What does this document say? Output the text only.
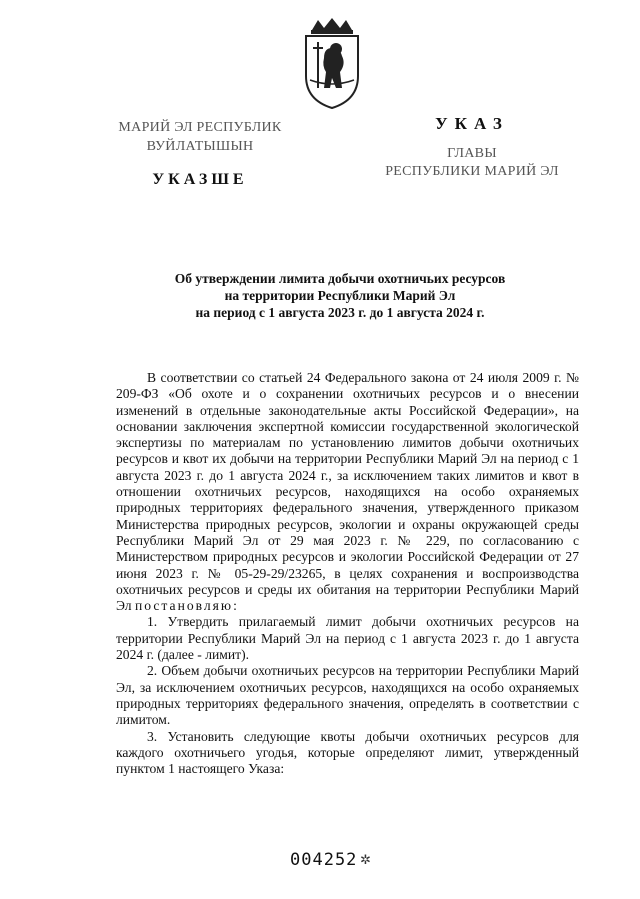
МАРИЙ ЭЛ РЕСПУБЛИК
ВУЙЛАТЫШЫН
УКАЗШЕ
УКАЗ
ГЛАВЫ
РЕСПУБЛИКИ МАРИЙ ЭЛ
Об утверждении лимита добычи охотничьих ресурсов
на территории Республики Марий Эл
на период с 1 августа 2023 г. до 1 августа 2024 г.

В соответствии со статьей 24 Федерального закона от 24 июля 2009 г. № 209-ФЗ «Об охоте и о сохранении охотничьих ресурсов и о внесении изменений в отдельные законодательные акты Российской Федерации», на основании заключения экспертной комиссии государственной экологической экспертизы по материалам по установлению лимитов добычи охотничьих ресурсов и квот их добычи на территории Республики Марий Эл на период с 1 августа 2023 г. до 1 августа 2024 г., за исключением таких лимитов и квот в отношении охотничьих ресурсов, находящихся на особо охраняемых природных территориях федерального значения, утвержденного приказом Министерства природных ресурсов, экологии и охраны окружающей среды Республики Марий Эл от 29 мая 2023 г. № 229, по согласованию с Министерством природных ресурсов и экологии Российской Федерации от 27 июня 2023 г. № 05-29-29/23265, в целях сохранения и воспроизводства охотничьих ресурсов и среды их обитания на территории Республики Марий Эл постановляю:

1. Утвердить прилагаемый лимит добычи охотничьих ресурсов на территории Республики Марий Эл на период с 1 августа 2023 г. до 1 августа 2024 г. (далее - лимит).

2. Объем добычи охотничьих ресурсов на территории Республики Марий Эл, за исключением охотничьих ресурсов, находящихся на особо охраняемых природных территориях федерального значения, определять в соответствии с лимитом.

3. Установить следующие квоты добычи охотничьих ресурсов для каждого охотничьего угодья, которые определяют лимит, утвержденный пунктом 1 настоящего Указа:

004252 ✲
